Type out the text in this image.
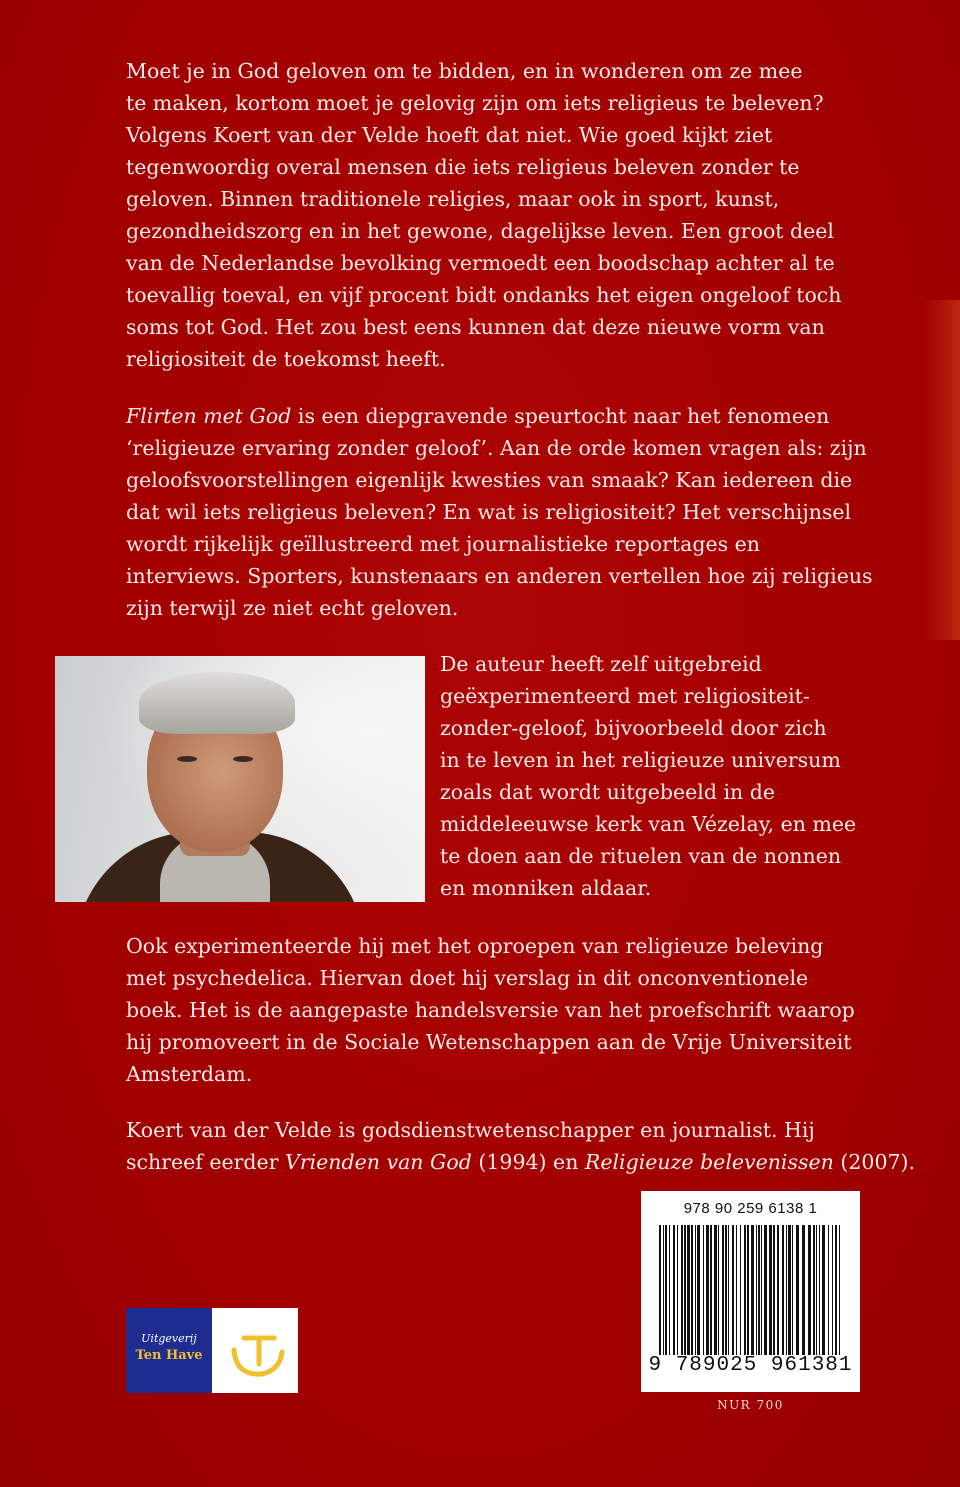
Moet je in God geloven om te bidden, en in wonderen om ze mee
te maken, kortom moet je gelovig zijn om iets religieus te beleven?
Volgens Koert van der Velde hoeft dat niet. Wie goed kijkt ziet
tegenwoordig overal mensen die iets religieus beleven zonder te
geloven. Binnen traditionele religies, maar ook in sport, kunst,
gezondheidszorg en in het gewone, dagelijkse leven. Een groot deel
van de Nederlandse bevolking vermoedt een boodschap achter al te
toevallig toeval, en vijf procent bidt ondanks het eigen ongeloof toch
soms tot God. Het zou best eens kunnen dat deze nieuwe vorm van
religiositeit de toekomst heeft.
Flirten met God is een diepgravende speurtocht naar het fenomeen
‘religieuze ervaring zonder geloof’. Aan de orde komen vragen als: zijn
geloofsvoorstellingen eigenlijk kwesties van smaak? Kan iedereen die
dat wil iets religieus beleven? En wat is religiositeit? Het verschijnsel
wordt rijkelijk geïllustreerd met journalistieke reportages en
interviews. Sporters, kunstenaars en anderen vertellen hoe zij religieus
zijn terwijl ze niet echt geloven.
De auteur heeft zelf uitgebreid
geëxperimenteerd met religiositeit-
zonder-geloof, bijvoorbeeld door zich
in te leven in het religieuze universum
zoals dat wordt uitgebeeld in de
middeleeuwse kerk van Vézelay, en mee
te doen aan de rituelen van de nonnen
en monniken aldaar.
Ook experimenteerde hij met het oproepen van religieuze beleving
met psychedelica. Hiervan doet hij verslag in dit onconventionele
boek. Het is de aangepaste handelsversie van het proefschrift waarop
hij promoveert in de Sociale Wetenschappen aan de Vrije Universiteit
Amsterdam.
Koert van der Velde is godsdienstwetenschapper en journalist. Hij
schreef eerder Vrienden van God (1994) en Religieuze belevenissen (2007).

978 90 259 6138 1

9 789025 961381

NUR 700

Uitgeverij

Ten Have
